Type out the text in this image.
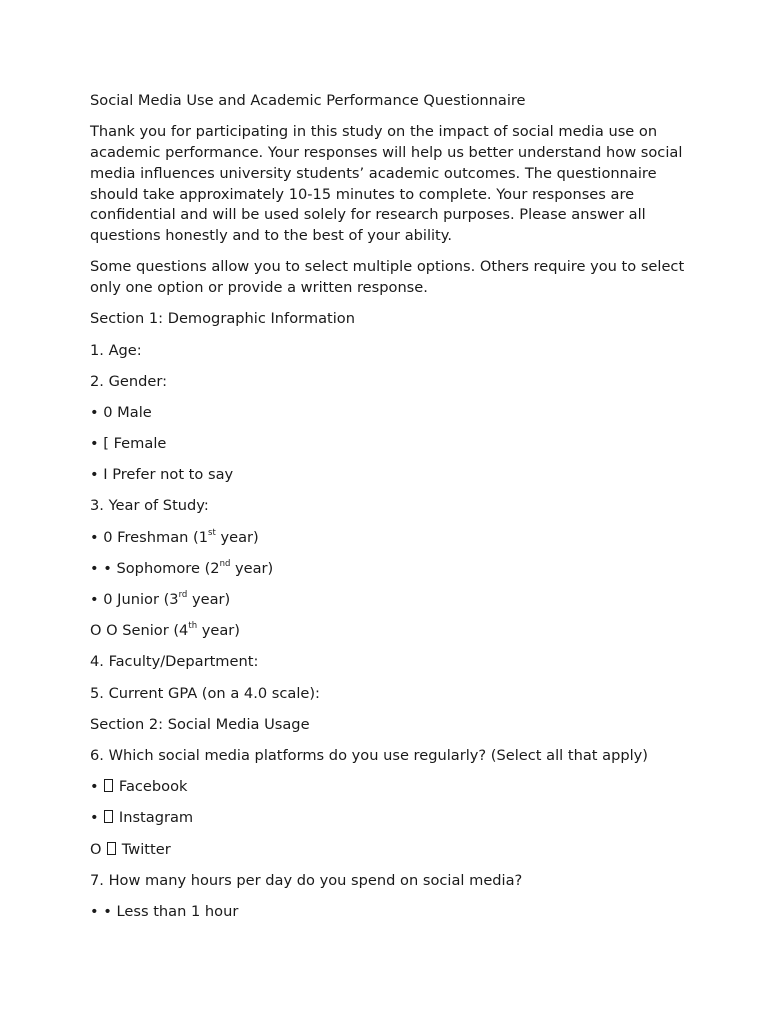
Social Media Use and Academic Performance Questionnaire
Thank you for participating in this study on the impact of social media use on academic performance. Your responses will help us better understand how social media influences university students’ academic outcomes. The questionnaire should take approximately 10-15 minutes to complete. Your responses are confidential and will be used solely for research purposes. Please answer all questions honestly and to the best of your ability.
Some questions allow you to select multiple options. Others require you to select only one option or provide a written response.
Section 1: Demographic Information
1. Age:
2. Gender:
• 0 Male
• [ Female
• I Prefer not to say
3. Year of Study:
• 0 Freshman (1st year)
• • Sophomore (2nd year)
• 0 Junior (3rd year)
O O Senior (4th year)
4. Faculty/Department:
5. Current GPA (on a 4.0 scale):
Section 2: Social Media Usage
6. Which social media platforms do you use regularly? (Select all that apply)
• Facebook
• Instagram
O Twitter
7. How many hours per day do you spend on social media?
• • Less than 1 hour
